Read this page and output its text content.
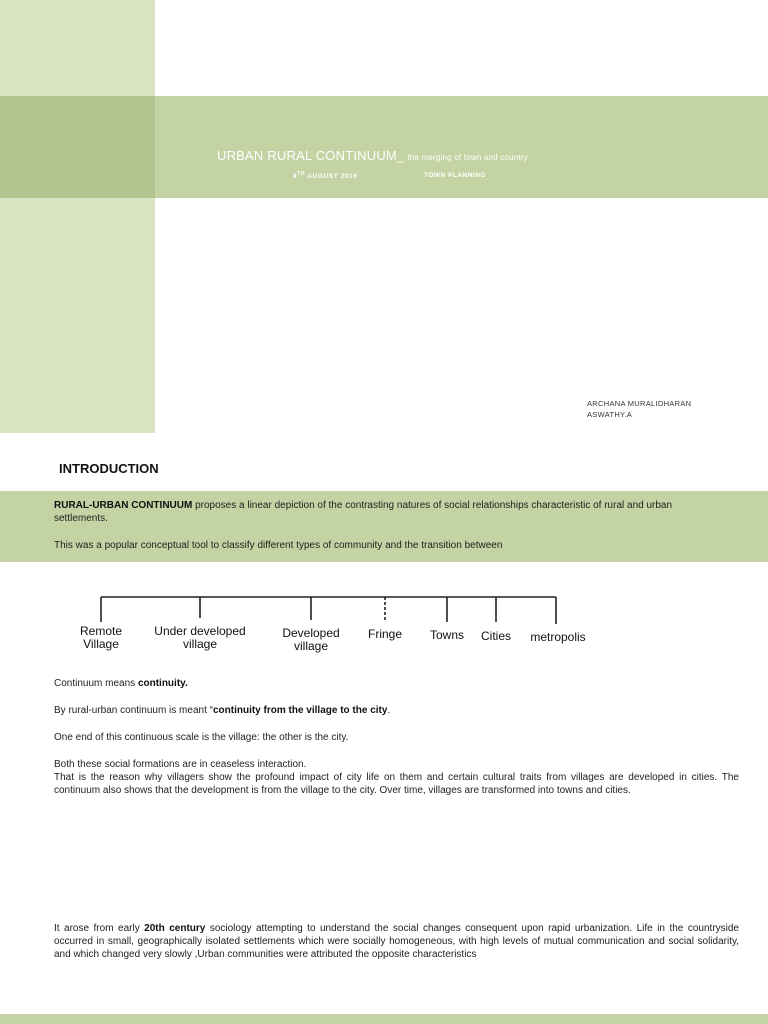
URBAN RURAL CONTINUUM_ the merging of town and country
8TH AUGUST 2016	TOWN PLANNING
ARCHANA MURALIDHARAN
ASWATHY.A
INTRODUCTION

RURAL-URBAN CONTINUUM proposes a linear depiction of the contrasting natures of social relationships characteristic of rural and urban settlements.

This was a popular conceptual tool to classify different types of community and the transition between

Remote
Village
Under developed
village
Developed
village
Fringe Towns Cities metropolis

Continuum means continuity.

By rural-urban continuum is meant “continuity from the village to the city.

One end of this continuous scale is the village: the other is the city.

Both these social formations are in ceaseless interaction.
That is the reason why villagers show the profound impact of city life on them and certain cultural traits from villages are developed in cities. The continuum also shows that the development is from the village to the city. Over time, villages are transformed into towns and cities.

It arose from early 20th century sociology attempting to understand the social changes consequent upon rapid urbanization. Life in the countryside occurred in small, geographically isolated settlements which were socially homogeneous, with high levels of mutual communication and social solidarity, and which changed very slowly ,Urban communities were attributed the opposite characteristics
